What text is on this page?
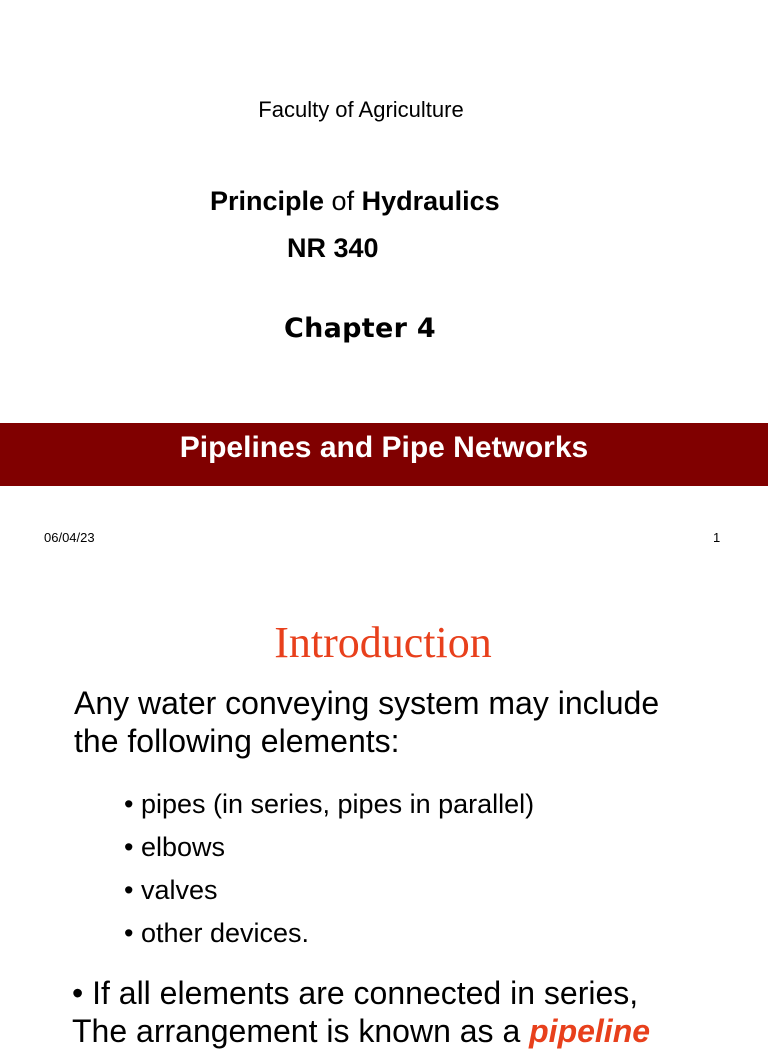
Faculty of Agriculture
Principle of Hydraulics
NR 340
Chapter 4
Pipelines and Pipe Networks
06/04/23	1
Introduction
Any water conveying system may include
the following elements:
• pipes (in series, pipes in parallel)
• elbows
• valves
• other devices.
• If all elements are connected in series,
The arrangement is known as a pipeline
